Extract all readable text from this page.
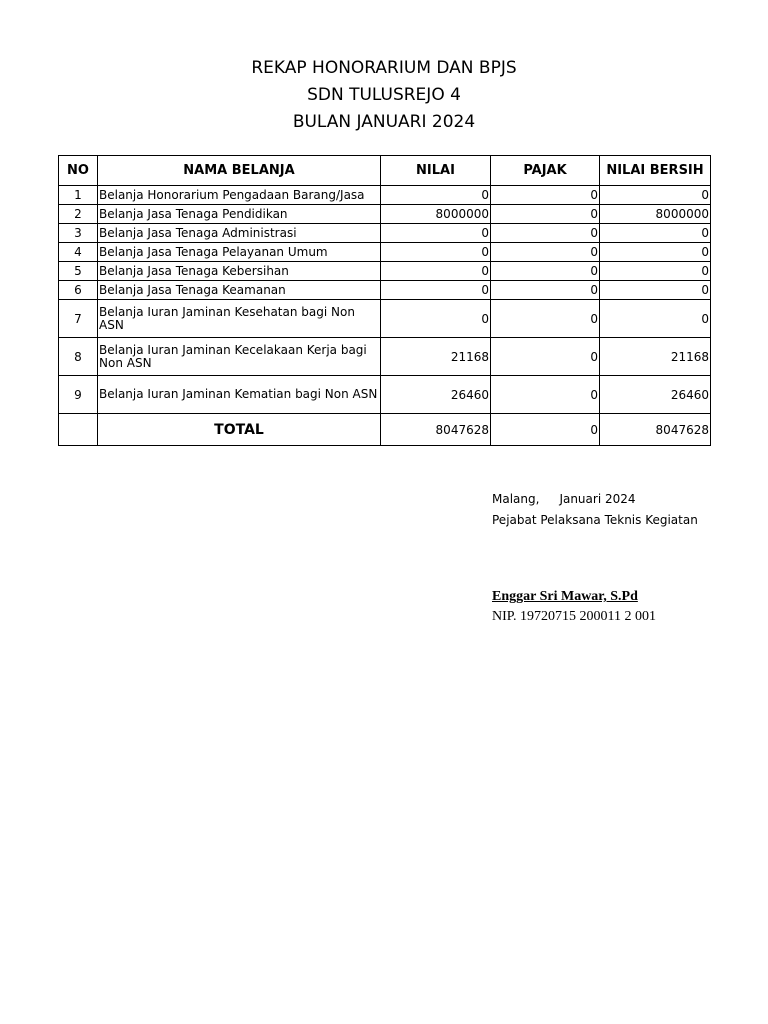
REKAP HONORARIUM DAN BPJS
SDN TULUSREJO 4
BULAN JANUARI 2024
NO	NAMA BELANJA	NILAI	PAJAK	NILAI BERSIH
1	Belanja Honorarium Pengadaan Barang/Jasa	0	0	0
2	Belanja Jasa Tenaga Pendidikan	8000000	0	8000000
3	Belanja Jasa Tenaga Administrasi	0	0	0
4	Belanja Jasa Tenaga Pelayanan Umum	0	0	0
5	Belanja Jasa Tenaga Kebersihan	0	0	0
6	Belanja Jasa Tenaga Keamanan	0	0	0
7	Belanja Iuran Jaminan Kesehatan bagi Non ASN	0	0	0
8	Belanja Iuran Jaminan Kecelakaan Kerja bagi Non ASN	21168	0	21168
9	Belanja Iuran Jaminan Kematian bagi Non ASN	26460	0	26460
	TOTAL	8047628	0	8047628
Malang, Januari 2024
Pejabat Pelaksana Teknis Kegiatan
Enggar Sri Mawar, S.Pd
NIP. 19720715 200011 2 001
